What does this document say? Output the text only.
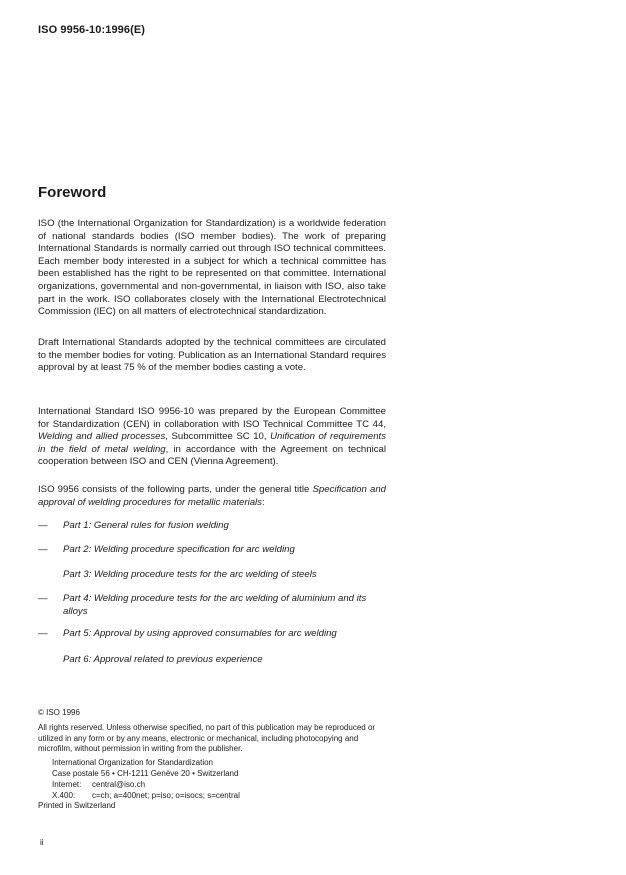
ISO 9956-10:1996(E)
Foreword

ISO (the International Organization for Standardization) is a worldwide federation of national standards bodies (ISO member bodies). The work of preparing International Standards is normally carried out through ISO technical committees. Each member body interested in a subject for which a technical committee has been established has the right to be represented on that committee. International organizations, governmental and non-governmental, in liaison with ISO, also take part in the work. ISO collaborates closely with the International Electrotechnical Commission (IEC) on all matters of electrotechnical standardization.

Draft International Standards adopted by the technical committees are circulated to the member bodies for voting. Publication as an International Standard requires approval by at least 75 % of the member bodies casting a vote.

International Standard ISO 9956-10 was prepared by the European Committee for Standardization (CEN) in collaboration with ISO Technical Committee TC 44, Welding and allied processes, Subcommittee SC 10, Unification of requirements in the field of metal welding, in accordance with the Agreement on technical cooperation between ISO and CEN (Vienna Agreement).

ISO 9956 consists of the following parts, under the general title Specification and approval of welding procedures for metallic materials:

—	Part 1: General rules for fusion welding
—	Part 2: Welding procedure specification for arc welding
Part 3: Welding procedure tests for the arc welding of steels
—	Part 4: Welding procedure tests for the arc welding of aluminium and its alloys
—	Part 5: Approval by using approved consumables for arc welding
Part 6: Approval related to previous experience

© ISO 1996

All rights reserved. Unless otherwise specified, no part of this publication may be reproduced or utilized in any form or by any means, electronic or mechanical, including photocopying and microfilm, without permission in writing from the publisher.

International Organization for Standardization

Case postale 56 • CH-1211 Genève 20 • Switzerland

Internet:	central@iso.ch

X.400:	c=ch; a=400net; p=iso; o=isocs; s=central

Printed in Switzerland

ii
